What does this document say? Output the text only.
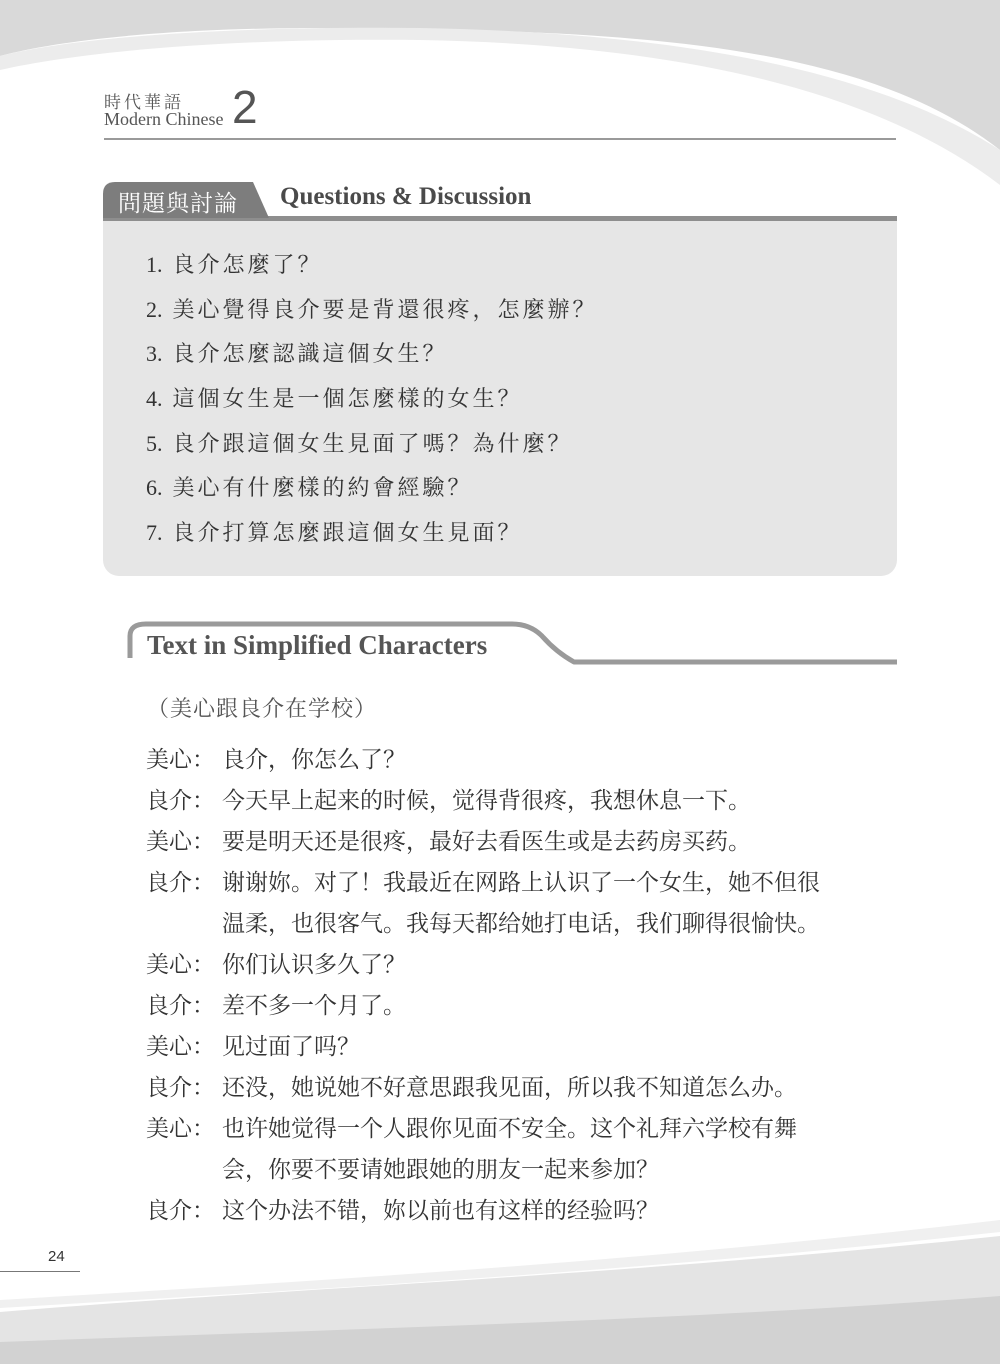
時代華語
Modern Chinese 2
問題與討論 Questions & Discussion
1. 良介怎麼了？
2. 美心覺得良介要是背還很疼，怎麼辦？
3. 良介怎麼認識這個女生？
4. 這個女生是一個怎麼樣的女生？
5. 良介跟這個女生見面了嗎？為什麼？
6. 美心有什麼樣的約會經驗？
7. 良介打算怎麼跟這個女生見面？
Text in Simplified Characters
（美心跟良介在学校）
美心： 良介，你怎么了？
良介： 今天早上起来的时候，觉得背很疼，我想休息一下。
美心： 要是明天还是很疼，最好去看医生或是去药房买药。
良介： 谢谢妳。对了！我最近在网路上认识了一个女生，她不但很
温柔，也很客气。我每天都给她打电话，我们聊得很愉快。
美心： 你们认识多久了？
良介： 差不多一个月了。
美心： 见过面了吗？
良介： 还没，她说她不好意思跟我见面，所以我不知道怎么办。
美心： 也许她觉得一个人跟你见面不安全。这个礼拜六学校有舞
会，你要不要请她跟她的朋友一起来参加？
良介： 这个办法不错，妳以前也有这样的经验吗？
24
